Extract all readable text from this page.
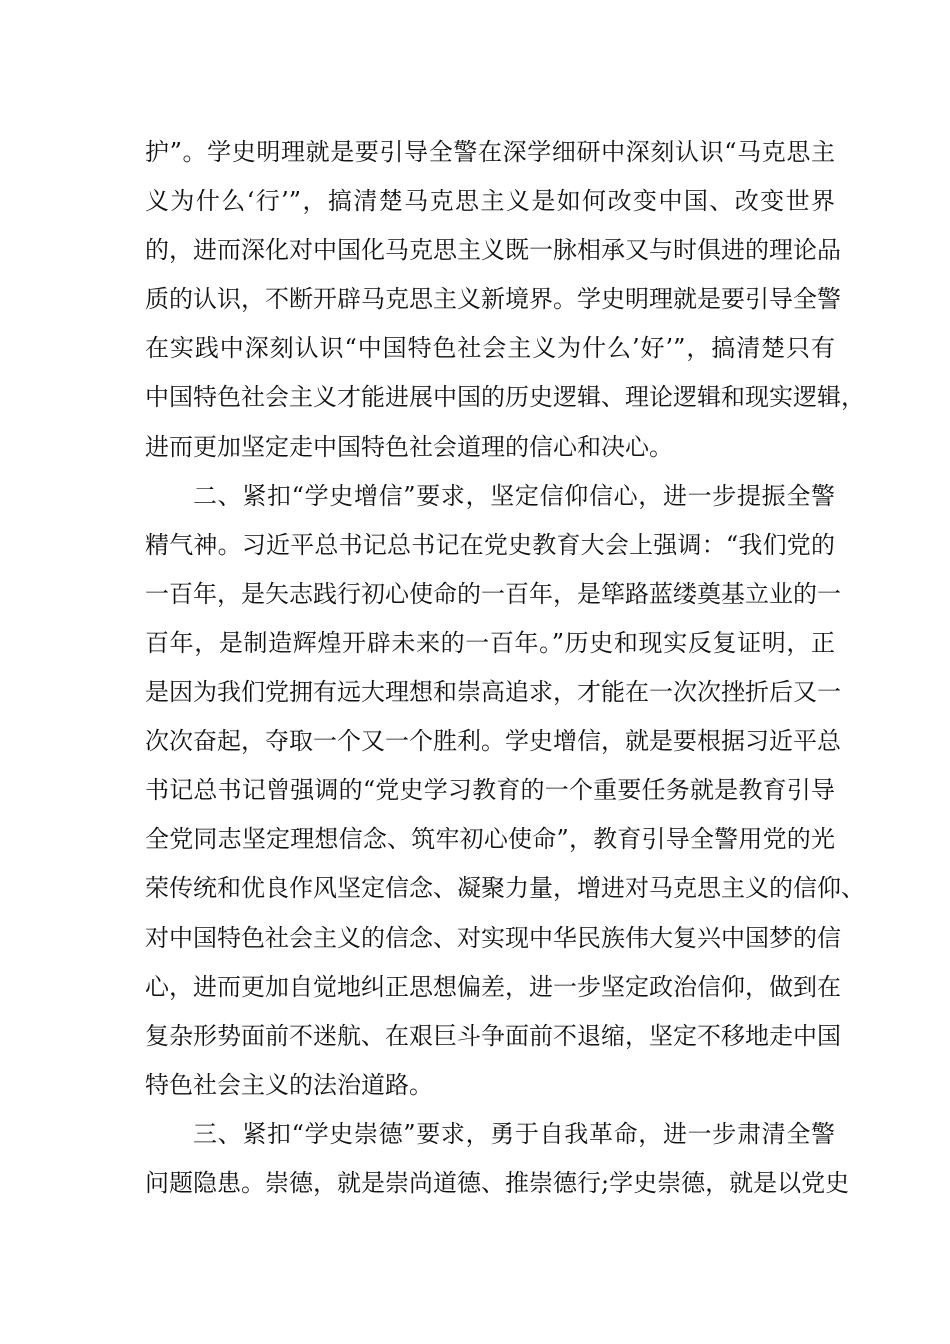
护”。学史明理就是要引导全警在深学细研中深刻认识“马克思主
义为什么‘行’”，搞清楚马克思主义是如何改变中国、改变世界
的，进而深化对中国化马克思主义既一脉相承又与时俱进的理论品
质的认识，不断开辟马克思主义新境界。学史明理就是要引导全警
在实践中深刻认识“中国特色社会主义为什么’好’”，搞清楚只有
中国特色社会主义才能进展中国的历史逻辑、理论逻辑和现实逻辑，
进而更加坚定走中国特色社会道理的信心和决心。
二、紧扣“学史增信”要求，坚定信仰信心，进一步提振全警
精气神。习近平总书记总书记在党史教育大会上强调：“我们党的
一百年，是矢志践行初心使命的一百年，是筚路蓝缕奠基立业的一
百年，是制造辉煌开辟未来的一百年。”历史和现实反复证明，正
是因为我们党拥有远大理想和崇高追求，才能在一次次挫折后又一
次次奋起，夺取一个又一个胜利。学史增信，就是要根据习近平总
书记总书记曾强调的“党史学习教育的一个重要任务就是教育引导
全党同志坚定理想信念、筑牢初心使命”，教育引导全警用党的光
荣传统和优良作风坚定信念、凝聚力量，增进对马克思主义的信仰、
对中国特色社会主义的信念、对实现中华民族伟大复兴中国梦的信
心，进而更加自觉地纠正思想偏差，进一步坚定政治信仰，做到在
复杂形势面前不迷航、在艰巨斗争面前不退缩，坚定不移地走中国
特色社会主义的法治道路。
三、紧扣“学史崇德”要求，勇于自我革命，进一步肃清全警
问题隐患。崇德，就是崇尚道德、推崇德行;学史崇德，就是以党史
